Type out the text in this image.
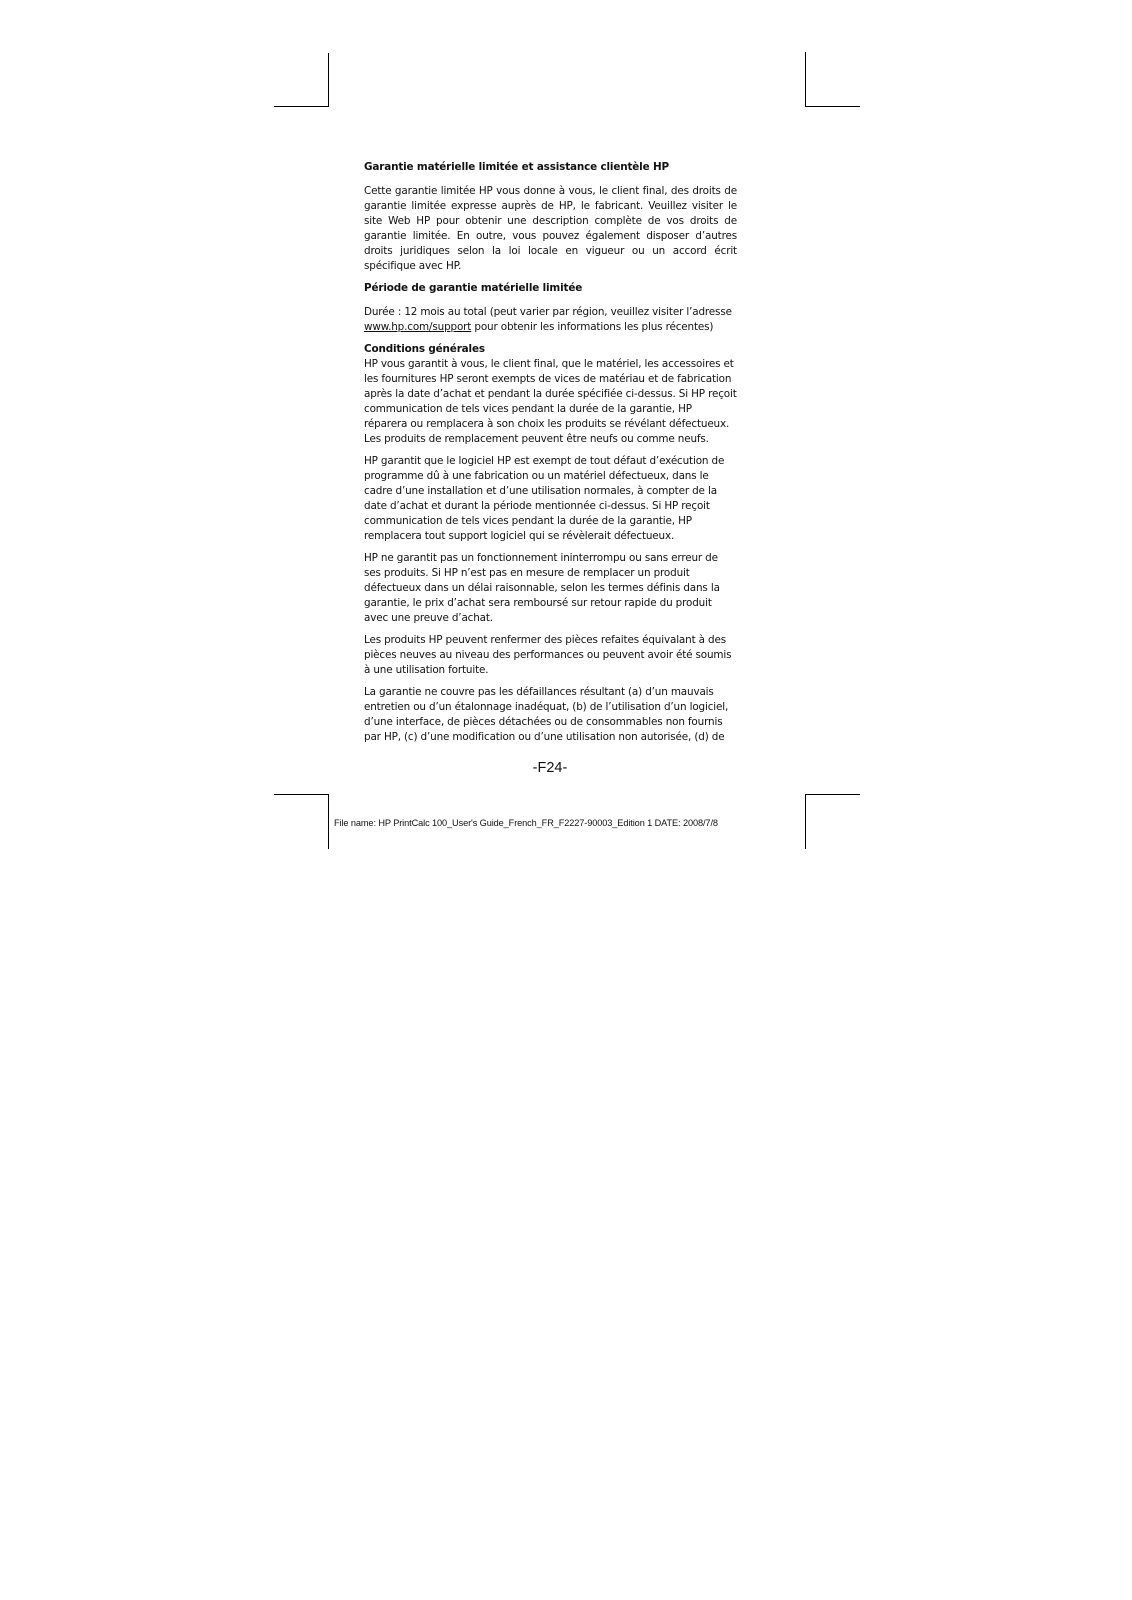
Garantie matérielle limitée et assistance clientèle HP

Cette garantie limitée HP vous donne à vous, le client final, des droits de garantie limitée expresse auprès de HP, le fabricant. Veuillez visiter le site Web HP pour obtenir une description complète de vos droits de garantie limitée. En outre, vous pouvez également disposer d’autres droits juridiques selon la loi locale en vigueur ou un accord écrit spécifique avec HP.

Période de garantie matérielle limitée

Durée : 12 mois au total (peut varier par région, veuillez visiter l’adresse www.hp.com/support pour obtenir les informations les plus récentes)

Conditions générales

HP vous garantit à vous, le client final, que le matériel, les accessoires et les fournitures HP seront exempts de vices de matériau et de fabrication après la date d’achat et pendant la durée spécifiée ci-dessus. Si HP reçoit communication de tels vices pendant la durée de la garantie, HP réparera ou remplacera à son choix les produits se révélant défectueux. Les produits de remplacement peuvent être neufs ou comme neufs.

HP garantit que le logiciel HP est exempt de tout défaut d’exécution de programme dû à une fabrication ou un matériel défectueux, dans le cadre d’une installation et d’une utilisation normales, à compter de la date d’achat et durant la période mentionnée ci-dessus. Si HP reçoit communication de tels vices pendant la durée de la garantie, HP remplacera tout support logiciel qui se révèlerait défectueux.

HP ne garantit pas un fonctionnement ininterrompu ou sans erreur de ses produits. Si HP n’est pas en mesure de remplacer un produit défectueux dans un délai raisonnable, selon les termes définis dans la garantie, le prix d’achat sera remboursé sur retour rapide du produit avec une preuve d’achat.

Les produits HP peuvent renfermer des pièces refaites équivalant à des pièces neuves au niveau des performances ou peuvent avoir été soumis à une utilisation fortuite.

La garantie ne couvre pas les défaillances résultant (a) d’un mauvais entretien ou d’un étalonnage inadéquat, (b) de l’utilisation d’un logiciel, d’une interface, de pièces détachées ou de consommables non fournis par HP, (c) d’une modification ou d’une utilisation non autorisée, (d) de

-F24-
File name: HP PrintCalc 100_User's Guide_French_FR_F2227-90003_Edition 1 DATE: 2008/7/8
